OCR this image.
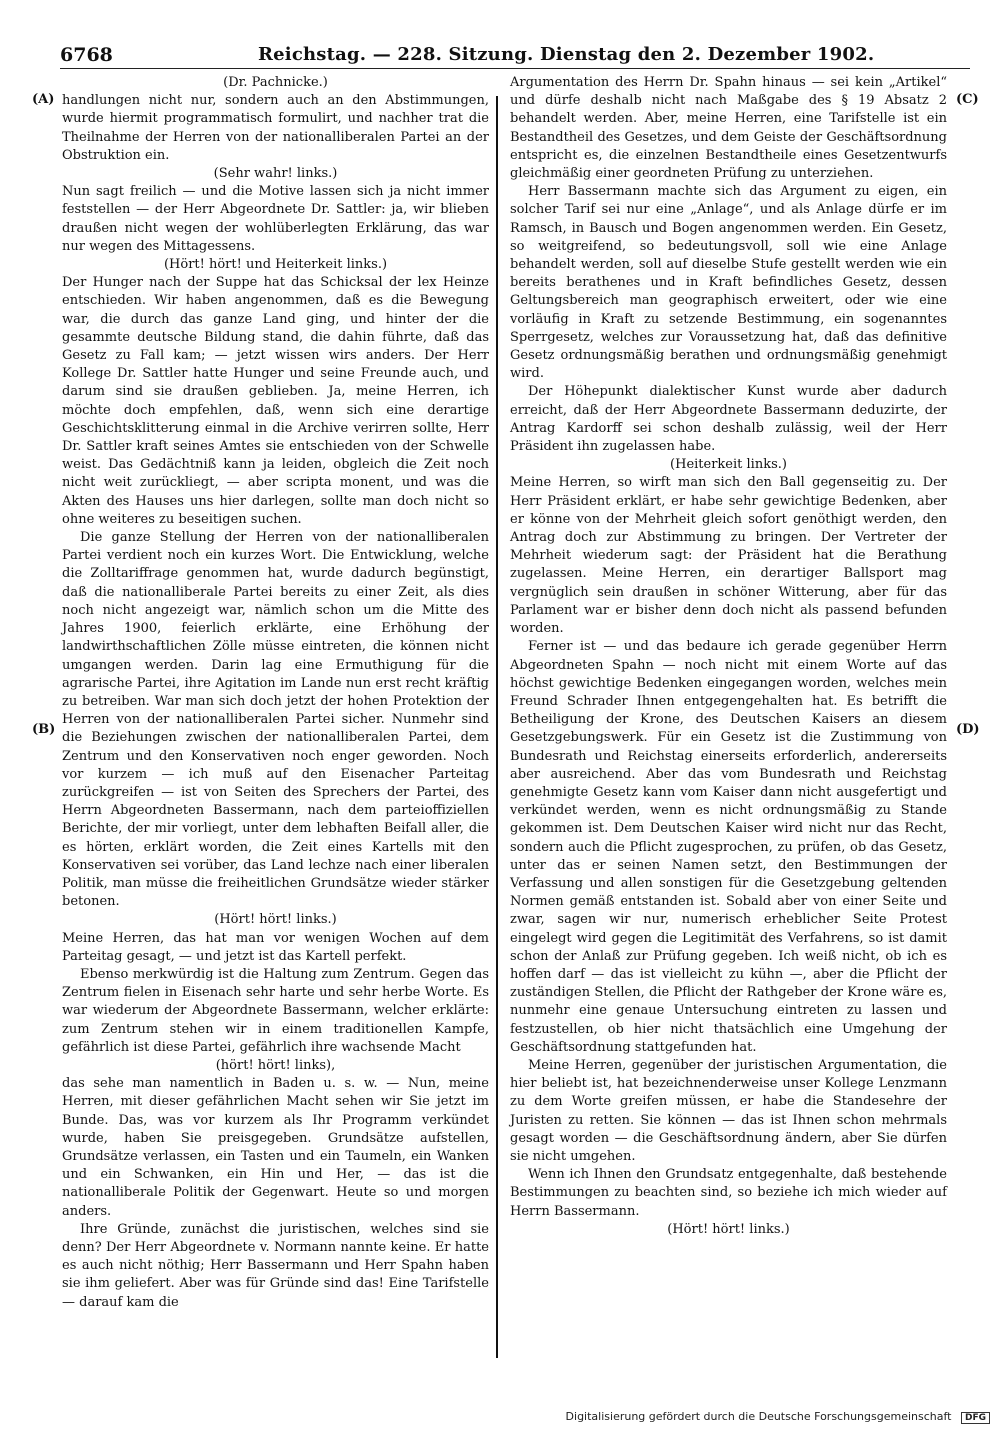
6768	Reichstag. — 228. Sitzung. Dienstag den 2. Dezember 1902.
(A)
(B)
(C)
(D)
(Dr. Pachnicke.)
handlungen nicht nur, sondern auch an den Abstimmungen, wurde hiermit programmatisch formulirt, und nachher trat die Theilnahme der Herren von der nationalliberalen Partei an der Obstruktion ein.
(Sehr wahr! links.)
Nun sagt freilich — und die Motive lassen sich ja nicht immer feststellen — der Herr Abgeordnete Dr. Sattler: ja, wir blieben draußen nicht wegen der wohlüberlegten Erklärung, das war nur wegen des Mittagessens.
(Hört! hört! und Heiterkeit links.)
Der Hunger nach der Suppe hat das Schicksal der lex Heinze entschieden. Wir haben angenommen, daß es die Bewegung war, die durch das ganze Land ging, und hinter der die gesammte deutsche Bildung stand, die dahin führte, daß das Gesetz zu Fall kam; — jetzt wissen wirs anders. Der Herr Kollege Dr. Sattler hatte Hunger und seine Freunde auch, und darum sind sie draußen geblieben. Ja, meine Herren, ich möchte doch empfehlen, daß, wenn sich eine derartige Geschichtsklitterung einmal in die Archive verirren sollte, Herr Dr. Sattler kraft seines Amtes sie entschieden von der Schwelle weist. Das Gedächtniß kann ja leiden, obgleich die Zeit noch nicht weit zurückliegt, — aber scripta monent, und was die Akten des Hauses uns hier darlegen, sollte man doch nicht so ohne weiteres zu beseitigen suchen.
Die ganze Stellung der Herren von der nationalliberalen Partei verdient noch ein kurzes Wort. Die Entwicklung, welche die Zolltariffrage genommen hat, wurde dadurch begünstigt, daß die nationalliberale Partei bereits zu einer Zeit, als dies noch nicht angezeigt war, nämlich schon um die Mitte des Jahres 1900, feierlich erklärte, eine Erhöhung der landwirthschaftlichen Zölle müsse eintreten, die können nicht umgangen werden. Darin lag eine Ermuthigung für die agrarische Partei, ihre Agitation im Lande nun erst recht kräftig zu betreiben. War man sich doch jetzt der hohen Protektion der Herren von der nationalliberalen Partei sicher. Nunmehr sind die Beziehungen zwischen der nationalliberalen Partei, dem Zentrum und den Konservativen noch enger geworden. Noch vor kurzem — ich muß auf den Eisenacher Parteitag zurückgreifen — ist von Seiten des Sprechers der Partei, des Herrn Abgeordneten Bassermann, nach dem parteioffiziellen Berichte, der mir vorliegt, unter dem lebhaften Beifall aller, die es hörten, erklärt worden, die Zeit eines Kartells mit den Konservativen sei vorüber, das Land lechze nach einer liberalen Politik, man müsse die freiheitlichen Grundsätze wieder stärker betonen.
(Hört! hört! links.)
Meine Herren, das hat man vor wenigen Wochen auf dem Parteitag gesagt, — und jetzt ist das Kartell perfekt.
Ebenso merkwürdig ist die Haltung zum Zentrum. Gegen das Zentrum fielen in Eisenach sehr harte und sehr herbe Worte. Es war wiederum der Abgeordnete Bassermann, welcher erklärte: zum Zentrum stehen wir in einem traditionellen Kampfe, gefährlich ist diese Partei, gefährlich ihre wachsende Macht
(hört! hört! links),
das sehe man namentlich in Baden u. s. w. — Nun, meine Herren, mit dieser gefährlichen Macht sehen wir Sie jetzt im Bunde. Das, was vor kurzem als Ihr Programm verkündet wurde, haben Sie preisgegeben. Grundsätze aufstellen, Grundsätze verlassen, ein Tasten und ein Taumeln, ein Wanken und ein Schwanken, ein Hin und Her, — das ist die nationalliberale Politik der Gegenwart. Heute so und morgen anders.
Ihre Gründe, zunächst die juristischen, welches sind sie denn? Der Herr Abgeordnete v. Normann nannte keine. Er hatte es auch nicht nöthig; Herr Bassermann und Herr Spahn haben sie ihm geliefert. Aber was für Gründe sind das! Eine Tarifstelle — darauf kam die
Argumentation des Herrn Dr. Spahn hinaus — sei kein „Artikel“ und dürfe deshalb nicht nach Maßgabe des § 19 Absatz 2 behandelt werden. Aber, meine Herren, eine Tarifstelle ist ein Bestandtheil des Gesetzes, und dem Geiste der Geschäftsordnung entspricht es, die einzelnen Bestandtheile eines Gesetzentwurfs gleichmäßig einer geordneten Prüfung zu unterziehen.
Herr Bassermann machte sich das Argument zu eigen, ein solcher Tarif sei nur eine „Anlage“, und als Anlage dürfe er im Ramsch, in Bausch und Bogen angenommen werden. Ein Gesetz, so weitgreifend, so bedeutungsvoll, soll wie eine Anlage behandelt werden, soll auf dieselbe Stufe gestellt werden wie ein bereits berathenes und in Kraft befindliches Gesetz, dessen Geltungsbereich man geographisch erweitert, oder wie eine vorläufig in Kraft zu setzende Bestimmung, ein sogenanntes Sperrgesetz, welches zur Voraussetzung hat, daß das definitive Gesetz ordnungsmäßig berathen und ordnungsmäßig genehmigt wird.
Der Höhepunkt dialektischer Kunst wurde aber dadurch erreicht, daß der Herr Abgeordnete Bassermann deduzirte, der Antrag Kardorff sei schon deshalb zulässig, weil der Herr Präsident ihn zugelassen habe.
(Heiterkeit links.)
Meine Herren, so wirft man sich den Ball gegenseitig zu. Der Herr Präsident erklärt, er habe sehr gewichtige Bedenken, aber er könne von der Mehrheit gleich sofort genöthigt werden, den Antrag doch zur Abstimmung zu bringen. Der Vertreter der Mehrheit wiederum sagt: der Präsident hat die Berathung zugelassen. Meine Herren, ein derartiger Ballsport mag vergnüglich sein draußen in schöner Witterung, aber für das Parlament war er bisher denn doch nicht als passend befunden worden.
Ferner ist — und das bedaure ich gerade gegenüber Herrn Abgeordneten Spahn — noch nicht mit einem Worte auf das höchst gewichtige Bedenken eingegangen worden, welches mein Freund Schrader Ihnen entgegengehalten hat. Es betrifft die Betheiligung der Krone, des Deutschen Kaisers an diesem Gesetzgebungswerk. Für ein Gesetz ist die Zustimmung von Bundesrath und Reichstag einerseits erforderlich, andererseits aber ausreichend. Aber das vom Bundesrath und Reichstag genehmigte Gesetz kann vom Kaiser dann nicht ausgefertigt und verkündet werden, wenn es nicht ordnungsmäßig zu Stande gekommen ist. Dem Deutschen Kaiser wird nicht nur das Recht, sondern auch die Pflicht zugesprochen, zu prüfen, ob das Gesetz, unter das er seinen Namen setzt, den Bestimmungen der Verfassung und allen sonstigen für die Gesetzgebung geltenden Normen gemäß entstanden ist. Sobald aber von einer Seite und zwar, sagen wir nur, numerisch erheblicher Seite Protest eingelegt wird gegen die Legitimität des Verfahrens, so ist damit schon der Anlaß zur Prüfung gegeben. Ich weiß nicht, ob ich es hoffen darf — das ist vielleicht zu kühn —, aber die Pflicht der zuständigen Stellen, die Pflicht der Rathgeber der Krone wäre es, nunmehr eine genaue Untersuchung eintreten zu lassen und festzustellen, ob hier nicht thatsächlich eine Umgehung der Geschäftsordnung stattgefunden hat.
Meine Herren, gegenüber der juristischen Argumentation, die hier beliebt ist, hat bezeichnenderweise unser Kollege Lenzmann zu dem Worte greifen müssen, er habe die Standesehre der Juristen zu retten. Sie können — das ist Ihnen schon mehrmals gesagt worden — die Geschäftsordnung ändern, aber Sie dürfen sie nicht umgehen.
Wenn ich Ihnen den Grundsatz entgegenhalte, daß bestehende Bestimmungen zu beachten sind, so beziehe ich mich wieder auf Herrn Bassermann.
(Hört! hört! links.)
Digitalisierung gefördert durch die Deutsche Forschungsgemeinschaft DFG
